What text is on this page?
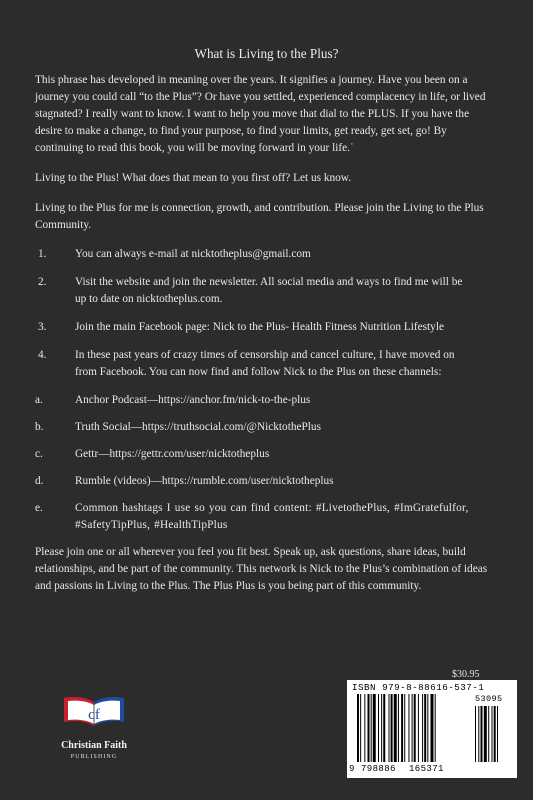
What is Living to the Plus?

This phrase has developed in meaning over the years. It signifies a journey. Have you been on a journey you could call “to the Plus”? Or have you settled, experienced complacency in life, or lived stagnated? I really want to know. I want to help you move that dial to the PLUS. If you have the desire to make a change, to find your purpose, to find your limits, get ready, get set, go! By continuing to read this book, you will be moving forward in your life.˙

Living to the Plus! What does that mean to you first off? Let us know.

Living to the Plus for me is connection, growth, and contribution. Please join the Living to the Plus Community.

1.	You can always e-mail at nicktotheplus@gmail.com
2.	Visit the website and join the newsletter. All social media and ways to find me will be up to date on nicktotheplus.com.
3.	Join the main Facebook page: Nick to the Plus- Health Fitness Nutrition Lifestyle
4.	In these past years of crazy times of censorship and cancel culture, I have moved on from Facebook. You can now find and follow Nick to the Plus on these channels:
a.	Anchor Podcast—https://anchor.fm/nick-to-the-plus
b.	Truth Social—https://truthsocial.com/@NicktothePlus
c.	Gettr—https://gettr.com/user/nicktotheplus
d.	Rumble (videos)—https://rumble.com/user/nicktotheplus
e.	Common hashtags I use so you can find content: #LivetothePlus, #ImGratefulfor, #SafetyTipPlus, #HealthTipPlus

Please join one or all wherever you feel you fit best. Speak up, ask questions, share ideas, build relationships, and be part of the community. This network is Nick to the Plus’s combination of ideas and passions in Living to the Plus. The Plus Plus is you being part of this community.

cf
Christian Faith
PUBLISHING
$30.95
ISBN 979-8-88616-537-1
53095
9 798886 165371
